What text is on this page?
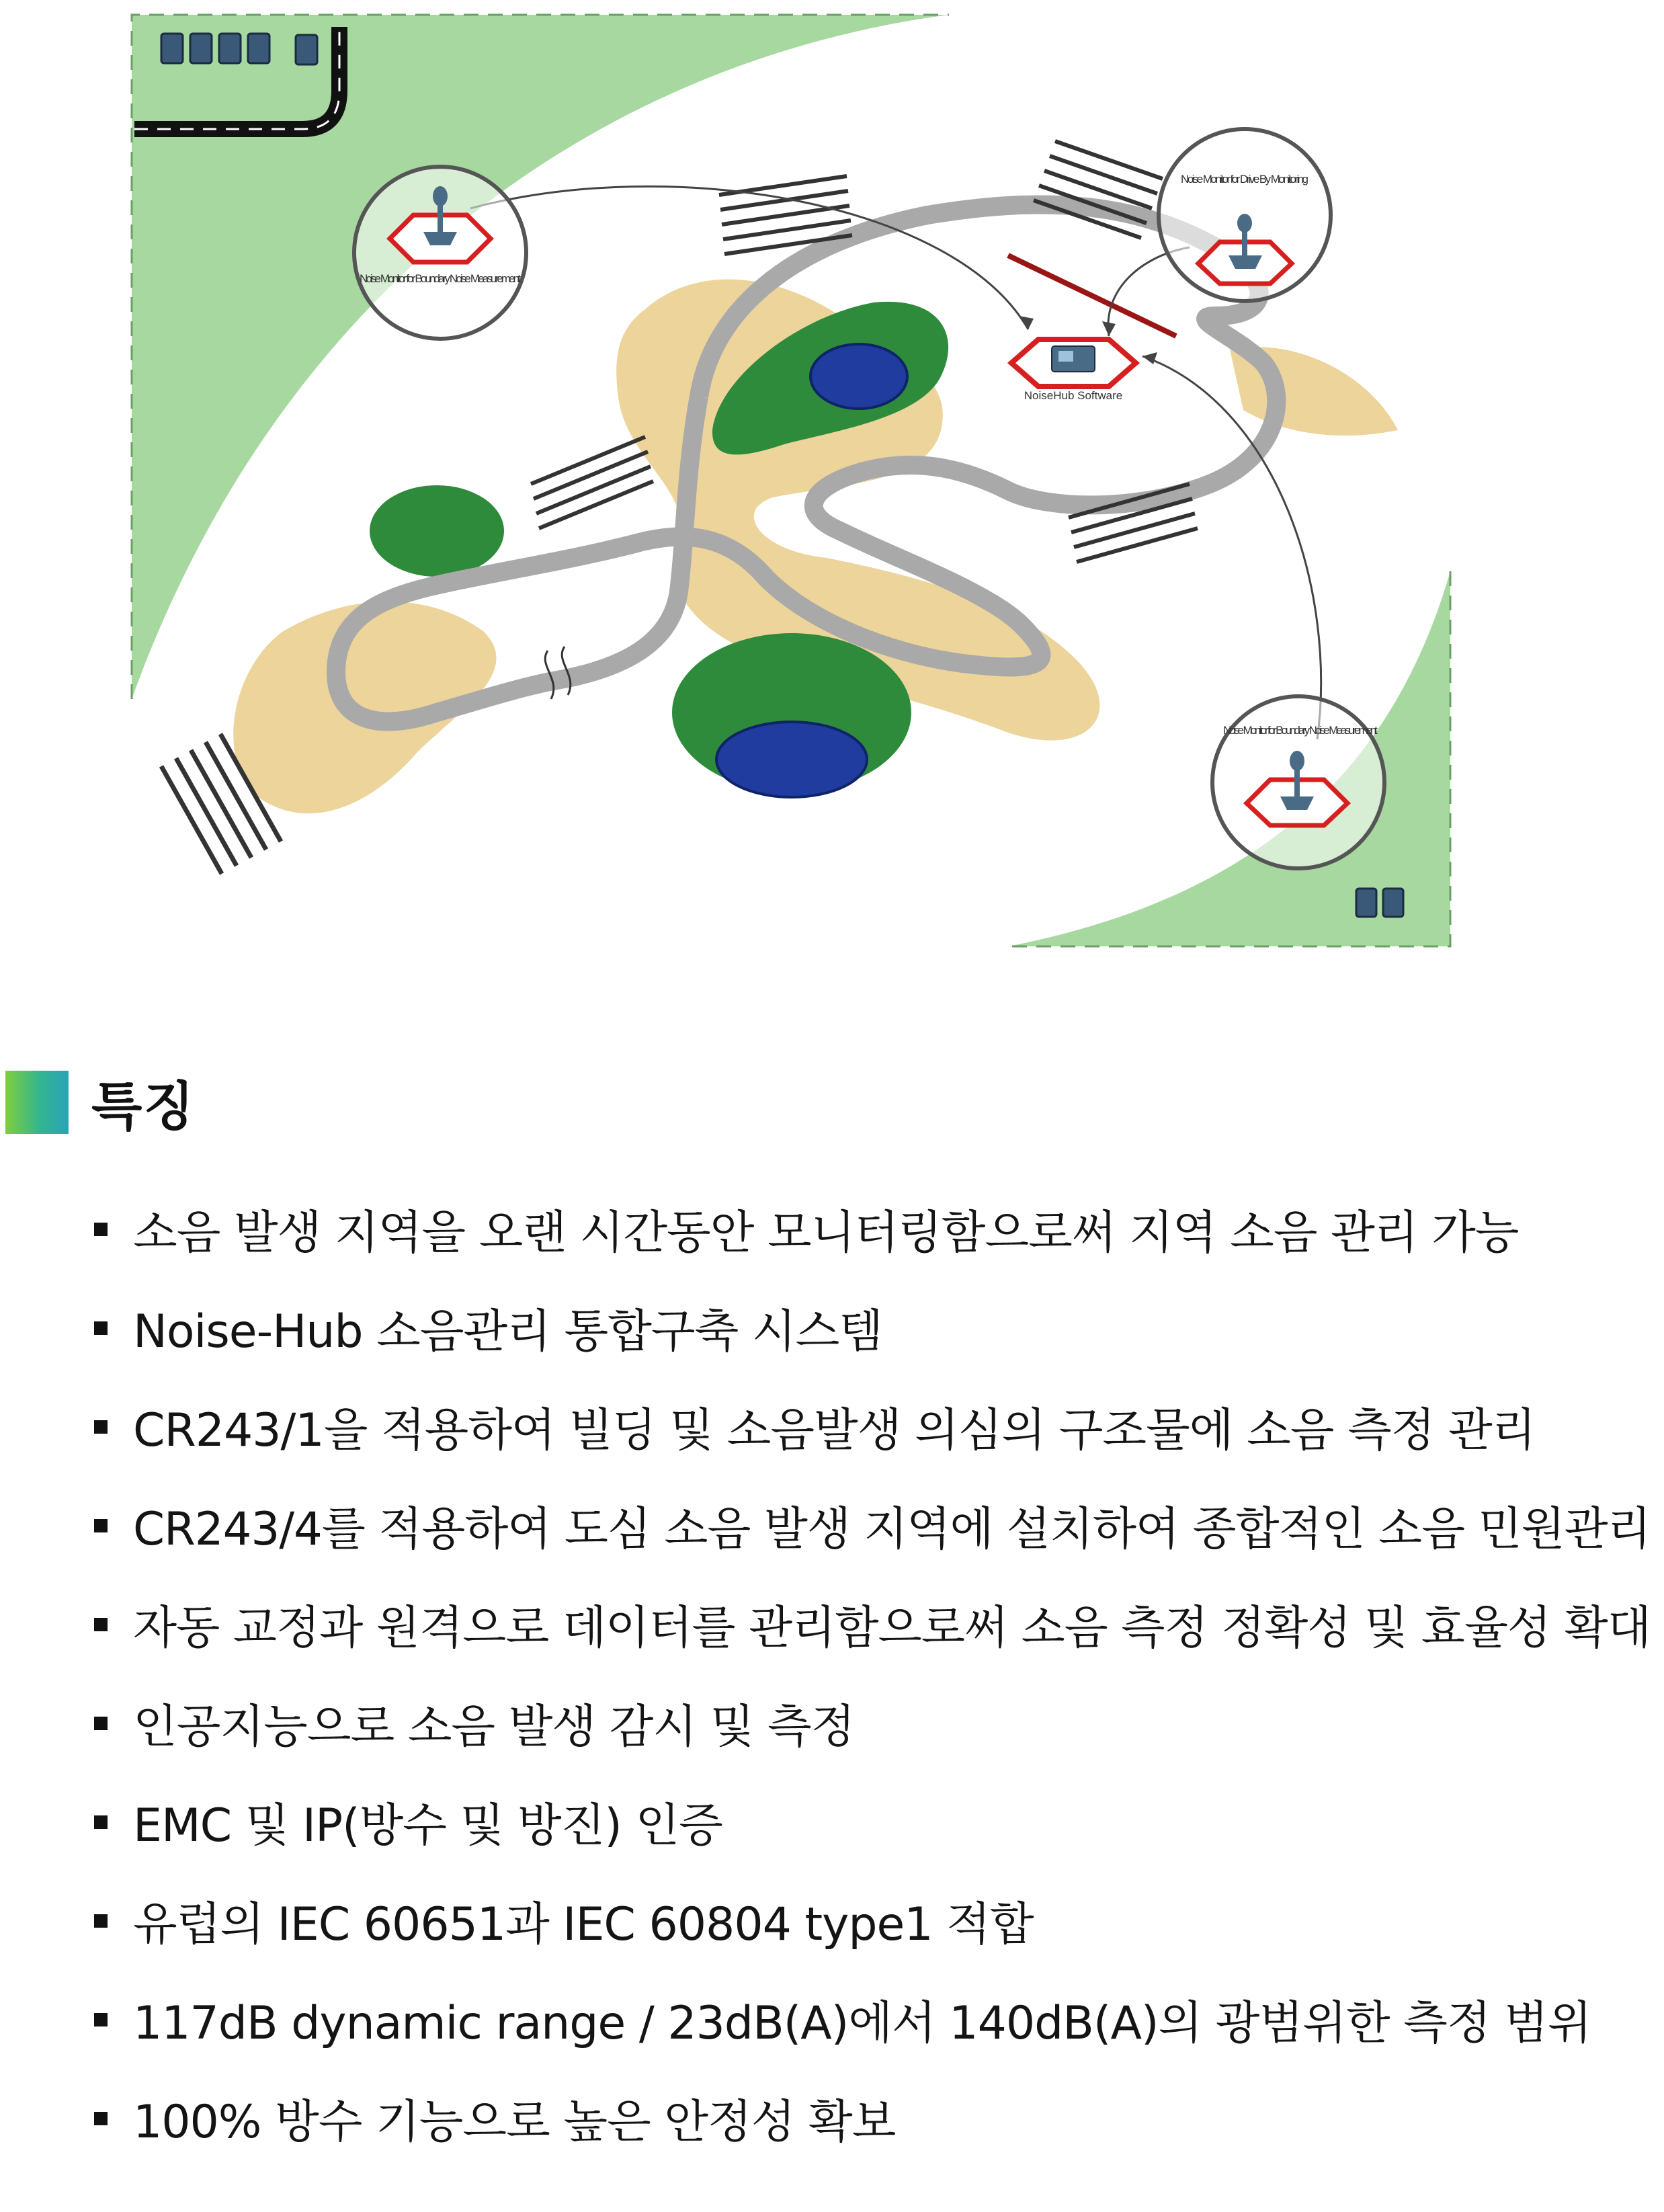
Noise Monitor for Boundary Noise Measurement
Noise Monitor for Drive By Monitoring
NoiseHub Software
Noise Monitor for Boundary Noise Measurement
특징
소음 발생 지역을 오랜 시간동안 모니터링함으로써 지역 소음 관리 가능
Noise-Hub 소음관리 통합구축 시스템
CR243/1을 적용하여 빌딩 및 소음발생 의심의 구조물에 소음 측정 관리
CR243/4를 적용하여 도심 소음 발생 지역에 설치하여 종합적인 소음 민원관리
자동 교정과 원격으로 데이터를 관리함으로써 소음 측정 정확성 및 효율성 확대
인공지능으로 소음 발생 감시 및 측정
EMC 및 IP(방수 및 방진) 인증
유럽의 IEC 60651과 IEC 60804 type1 적합
117dB dynamic range / 23dB(A)에서 140dB(A)의 광범위한 측정 범위
100% 방수 기능으로 높은 안정성 확보
